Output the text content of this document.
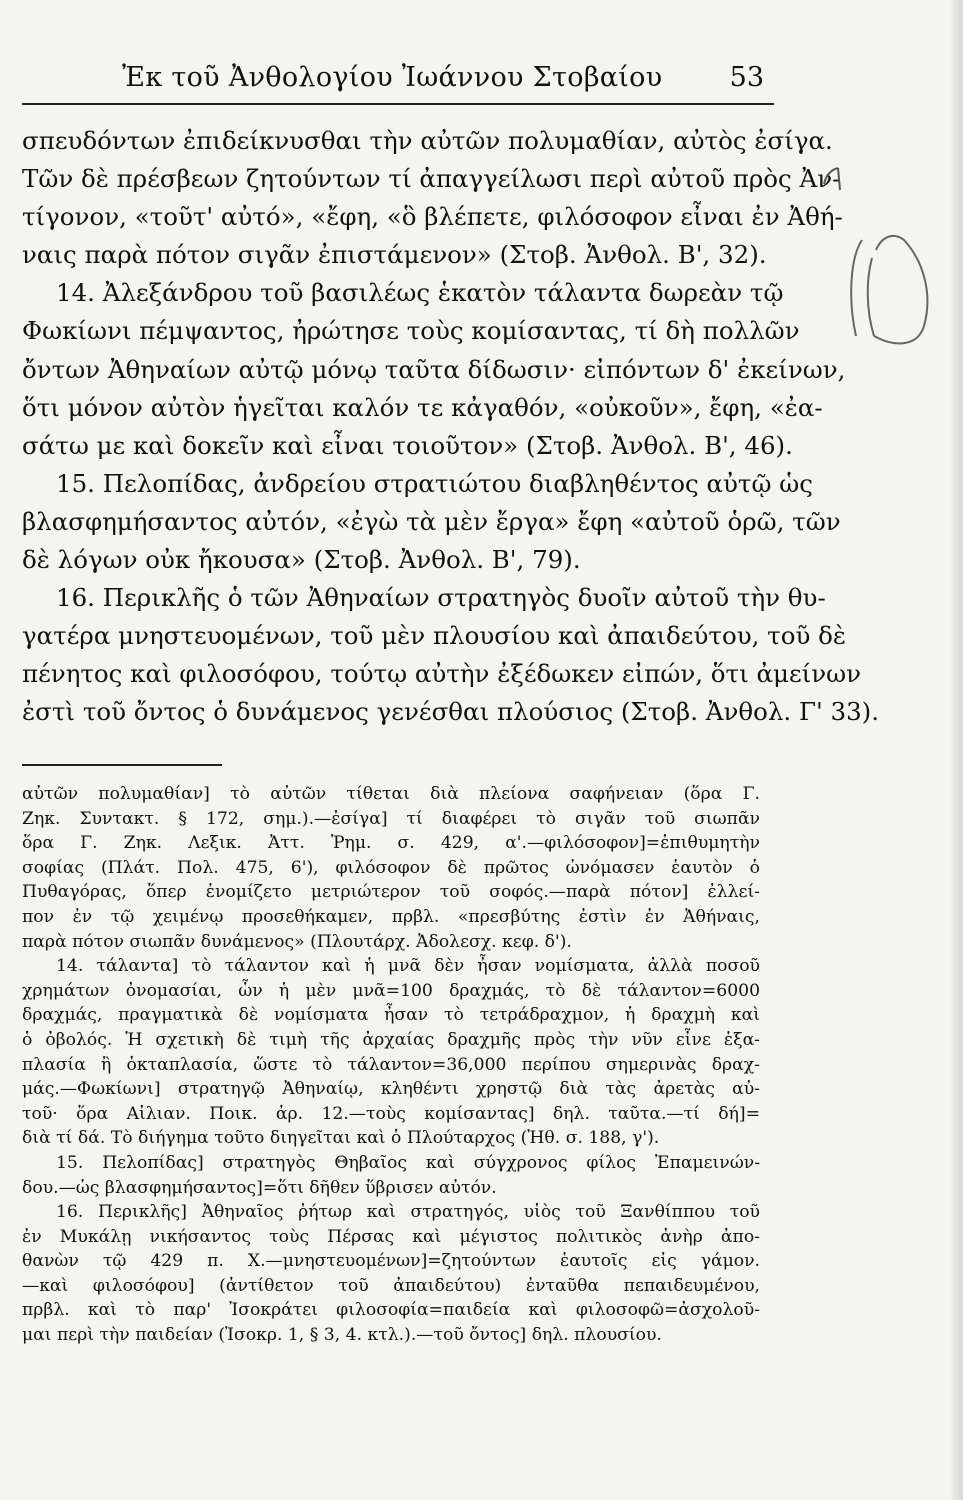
Ἐκ τοῦ Ἀνθολογίου Ἰωάννου Στοβαίου 53
σπευδόντων ἐπιδείκνυσθαι τὴν αὐτῶν πολυμαθίαν, αὐτὸς ἐσίγα.
Τῶν δὲ πρέσβεων ζητούντων τί ἀπαγγείλωσι περὶ αὐτοῦ πρὸς Ἀν-
τίγονον, «τοῦτ' αὐτό», «ἔφη, «ὃ βλέπετε, φιλόσοφον εἶναι ἐν Ἀθή-
ναις παρὰ πότον σιγᾶν ἐπιστάμενον» (Στοβ. Ἀνθολ. Β', 32).
14. Ἀλεξάνδρου τοῦ βασιλέως ἑκατὸν τάλαντα δωρεὰν τῷ
Φωκίωνι πέμψαντος, ἠρώτησε τοὺς κομίσαντας, τί δὴ πολλῶν
ὄντων Ἀθηναίων αὐτῷ μόνῳ ταῦτα δίδωσιν· εἰπόντων δ' ἐκείνων,
ὅτι μόνον αὐτὸν ἡγεῖται καλόν τε κἀγαθόν, «οὐκοῦν», ἔφη, «ἐα-
σάτω με καὶ δοκεῖν καὶ εἶναι τοιοῦτον» (Στοβ. Ἀνθολ. Β', 46).
15. Πελοπίδας, ἀνδρείου στρατιώτου διαβληθέντος αὐτῷ ὡς
βλασφημήσαντος αὐτόν, «ἐγὼ τὰ μὲν ἔργα» ἔφη «αὐτοῦ ὁρῶ, τῶν
δὲ λόγων οὐκ ἤκουσα» (Στοβ. Ἀνθολ. Β', 79).
16. Περικλῆς ὁ τῶν Ἀθηναίων στρατηγὸς δυοῖν αὐτοῦ τὴν θυ-
γατέρα μνηστευομένων, τοῦ μὲν πλουσίου καὶ ἀπαιδεύτου, τοῦ δὲ
πένητος καὶ φιλοσόφου, τούτῳ αὐτὴν ἐξέδωκεν εἰπών, ὅτι ἀμείνων
ἐστὶ τοῦ ὄντος ὁ δυνάμενος γενέσθαι πλούσιος (Στοβ. Ἀνθολ. Γ' 33).
αὐτῶν πολυμαθίαν] τὸ αὐτῶν τίθεται διὰ πλείονα σαφήνειαν (ὅρα Γ.
Ζηκ. Συντακτ. § 172, σημ.).—ἐσίγα] τί διαφέρει τὸ σιγᾶν τοῦ σιωπᾶν
ὅρα Γ. Ζηκ. Λεξικ. Ἀττ. Ῥημ. σ. 429, α'.—φιλόσοφον]=ἐπιθυμητὴν
σοφίας (Πλάτ. Πολ. 475, 6'), φιλόσοφον δὲ πρῶτος ὠνόμασεν ἑαυτὸν ὁ
Πυθαγόρας, ὅπερ ἐνομίζετο μετριώτερον τοῦ σοφός.—παρὰ πότον] ἐλλεί-
πον ἐν τῷ χειμένῳ προσεθήκαμεν, πρβλ. «πρεσβύτης ἐστὶν ἐν Ἀθήναις,
παρὰ πότον σιωπᾶν δυνάμενος» (Πλουτάρχ. Ἀδολεσχ. κεφ. δ').
14. τάλαντα] τὸ τάλαντον καὶ ἡ μνᾶ δὲν ἦσαν νομίσματα, ἀλλὰ ποσοῦ
χρημάτων ὀνομασίαι, ὧν ἡ μὲν μνᾶ=100 δραχμάς, τὸ δὲ τάλαντον=6000
δραχμάς, πραγματικὰ δὲ νομίσματα ἦσαν τὸ τετράδραχμον, ἡ δραχμὴ καὶ
ὁ ὀβολός. Ἡ σχετικὴ δὲ τιμὴ τῆς ἀρχαίας δραχμῆς πρὸς τὴν νῦν εἶνε ἑξα-
πλασία ἢ ὀκταπλασία, ὥστε τὸ τάλαντον=36,000 περίπου σημερινὰς δραχ-
μάς.—Φωκίωνι] στρατηγῷ Ἀθηναίῳ, κληθέντι χρηστῷ διὰ τὰς ἀρετὰς αὐ-
τοῦ· ὅρα Αἰλιαν. Ποικ. ἀρ. 12.—τοὺς κομίσαντας] δηλ. ταῦτα.—τί δή]=
διὰ τί δά. Τὸ διήγημα τοῦτο διηγεῖται καὶ ὁ Πλούταρχος (Ἠθ. σ. 188, γ').
15. Πελοπίδας] στρατηγὸς Θηβαῖος καὶ σύγχρονος φίλος Ἐπαμεινών-
δου.—ὡς βλασφημήσαντος]=ὅτι δῆθεν ὕβρισεν αὐτόν.
16. Περικλῆς] Ἀθηναῖος ῥήτωρ καὶ στρατηγός, υἱὸς τοῦ Ξανθίππου τοῦ
ἐν Μυκάλῃ νικήσαντος τοὺς Πέρσας καὶ μέγιστος πολιτικὸς ἀνὴρ ἀπο-
θανὼν τῷ 429 π. Χ.—μνηστευομένων]=ζητούντων ἑαυτοῖς εἰς γάμον.
—καὶ φιλοσόφου] (ἀντίθετον τοῦ ἀπαιδεύτου) ἐνταῦθα πεπαιδευμένου,
πρβλ. καὶ τὸ παρ' Ἰσοκράτει φιλοσοφία=παιδεία καὶ φιλοσοφῶ=ἀσχολοῦ-
μαι περὶ τὴν παιδείαν (Ἰσοκρ. 1, § 3, 4. κτλ.).—τοῦ ὄντος] δηλ. πλουσίου.
